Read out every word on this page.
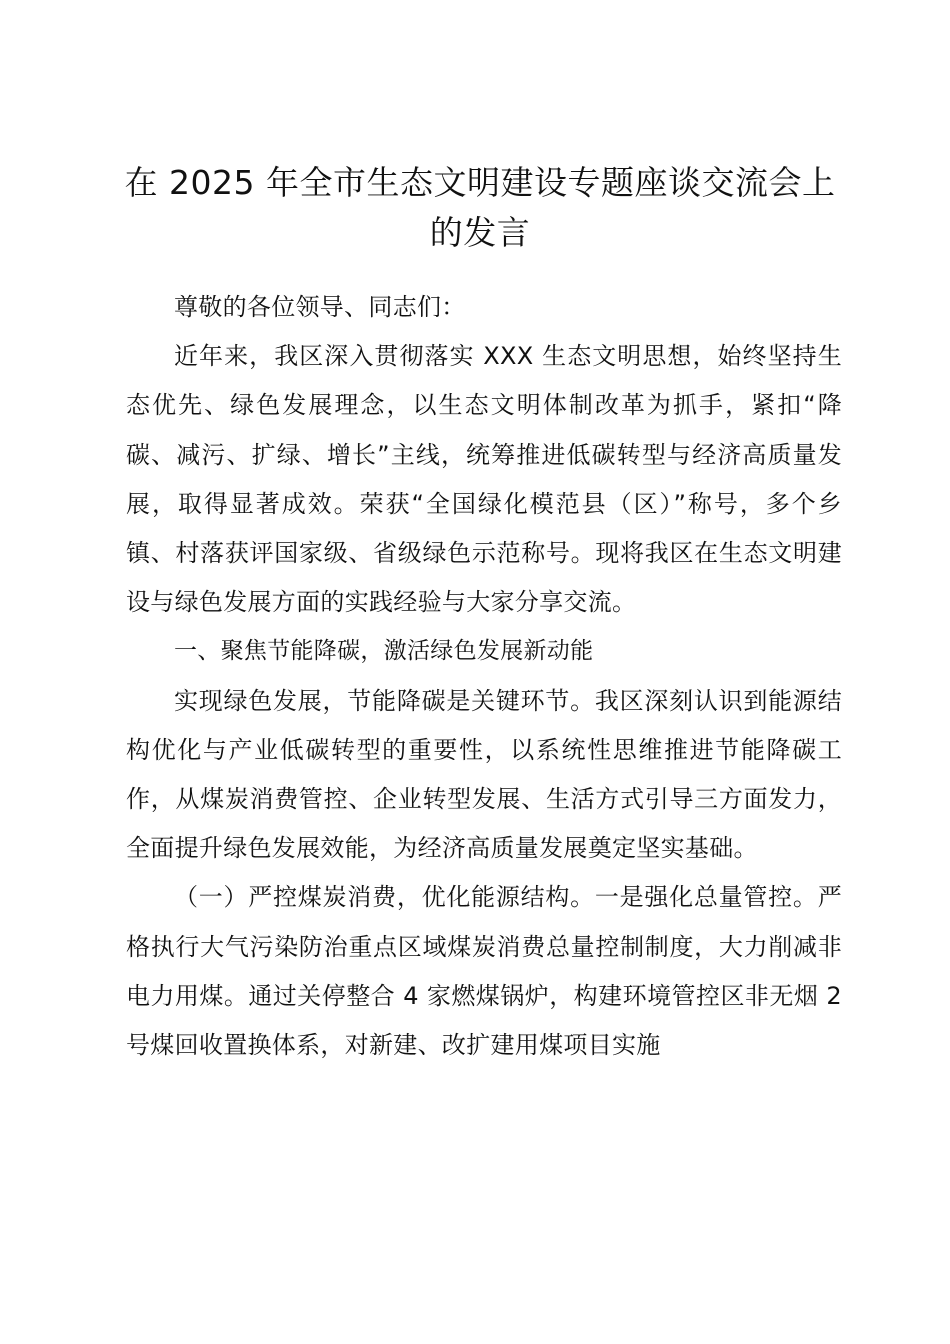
在 2025 年全市生态文明建设专题座谈交流会上的发言

尊敬的各位领导、同志们：

近年来，我区深入贯彻落实 XXX 生态文明思想，始终坚持生态优先、绿色发展理念，以生态文明体制改革为抓手，紧扣“降碳、减污、扩绿、增长”主线，统筹推进低碳转型与经济高质量发展，取得显著成效。荣获“全国绿化模范县（区）”称号，多个乡镇、村落获评国家级、省级绿色示范称号。现将我区在生态文明建设与绿色发展方面的实践经验与大家分享交流。

一、聚焦节能降碳，激活绿色发展新动能

实现绿色发展，节能降碳是关键环节。我区深刻认识到能源结构优化与产业低碳转型的重要性，以系统性思维推进节能降碳工作，从煤炭消费管控、企业转型发展、生活方式引导三方面发力，全面提升绿色发展效能，为经济高质量发展奠定坚实基础。

（一）严控煤炭消费，优化能源结构。一是强化总量管控。严格执行大气污染防治重点区域煤炭消费总量控制制度，大力削减非电力用煤。通过关停整合 4 家燃煤锅炉，构建环境管控区非无烟 2 号煤回收置换体系，对新建、改扩建用煤项目实施
